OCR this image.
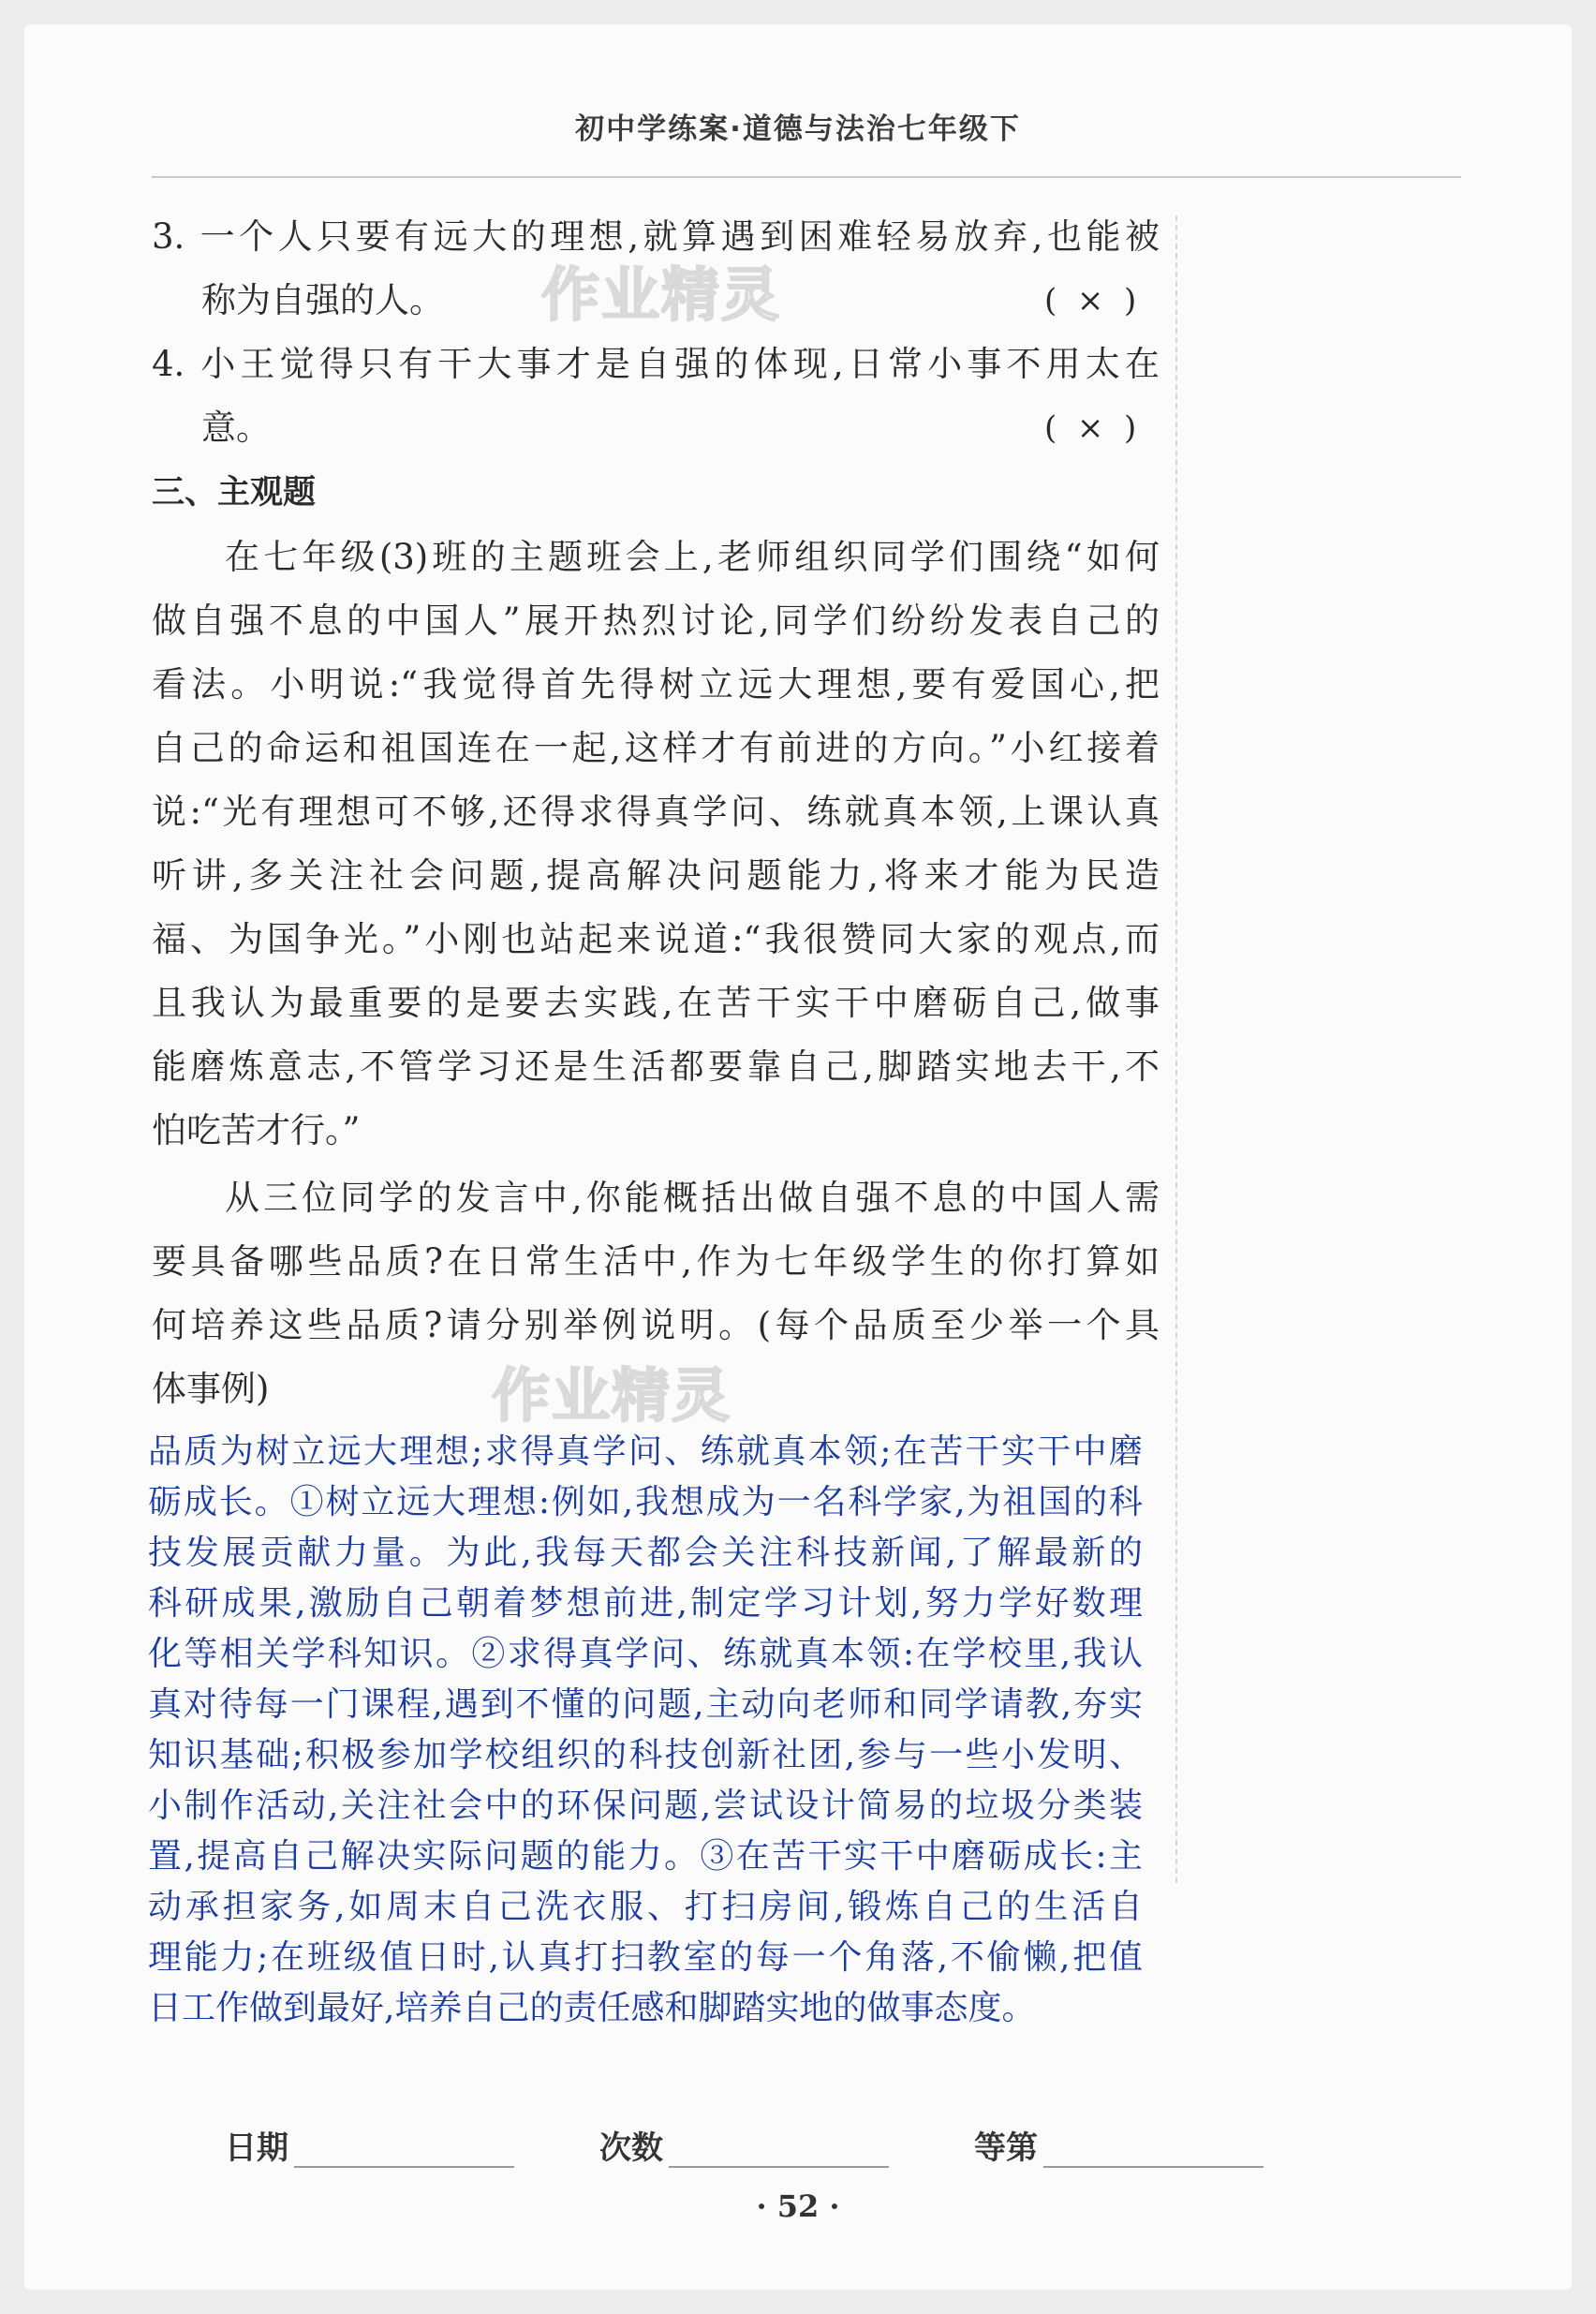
初中学练案·道德与法治七年级下
作业精灵
作业精灵
3. 一个人只要有远大的理想,就算遇到困难轻易放弃,也能被
称为自强的人。	(  ×  )
4. 小王觉得只有干大事才是自强的体现,日常小事不用太在
意。	(  ×  )
三、主观题
在七年级(3)班的主题班会上,老师组织同学们围绕“如何
做自强不息的中国人”展开热烈讨论,同学们纷纷发表自己的
看法。小明说:“我觉得首先得树立远大理想,要有爱国心,把
自己的命运和祖国连在一起,这样才有前进的方向。”小红接着
说:“光有理想可不够,还得求得真学问、练就真本领,上课认真
听讲,多关注社会问题,提高解决问题能力,将来才能为民造
福、为国争光。”小刚也站起来说道:“我很赞同大家的观点,而
且我认为最重要的是要去实践,在苦干实干中磨砺自己,做事
能磨炼意志,不管学习还是生活都要靠自己,脚踏实地去干,不
怕吃苦才行。”
从三位同学的发言中,你能概括出做自强不息的中国人需
要具备哪些品质?在日常生活中,作为七年级学生的你打算如
何培养这些品质?请分别举例说明。(每个品质至少举一个具
体事例)
品质为树立远大理想;求得真学问、练就真本领;在苦干实干中磨
砺成长。①树立远大理想:例如,我想成为一名科学家,为祖国的科
技发展贡献力量。为此,我每天都会关注科技新闻,了解最新的
科研成果,激励自己朝着梦想前进,制定学习计划,努力学好数理
化等相关学科知识。②求得真学问、练就真本领:在学校里,我认
真对待每一门课程,遇到不懂的问题,主动向老师和同学请教,夯实
知识基础;积极参加学校组织的科技创新社团,参与一些小发明、
小制作活动,关注社会中的环保问题,尝试设计简易的垃圾分类装
置,提高自己解决实际问题的能力。③在苦干实干中磨砺成长:主
动承担家务,如周末自己洗衣服、打扫房间,锻炼自己的生活自
理能力;在班级值日时,认真打扫教室的每一个角落,不偷懒,把值
日工作做到最好,培养自己的责任感和脚踏实地的做事态度。
日期	次数	等第
· 52 ·
